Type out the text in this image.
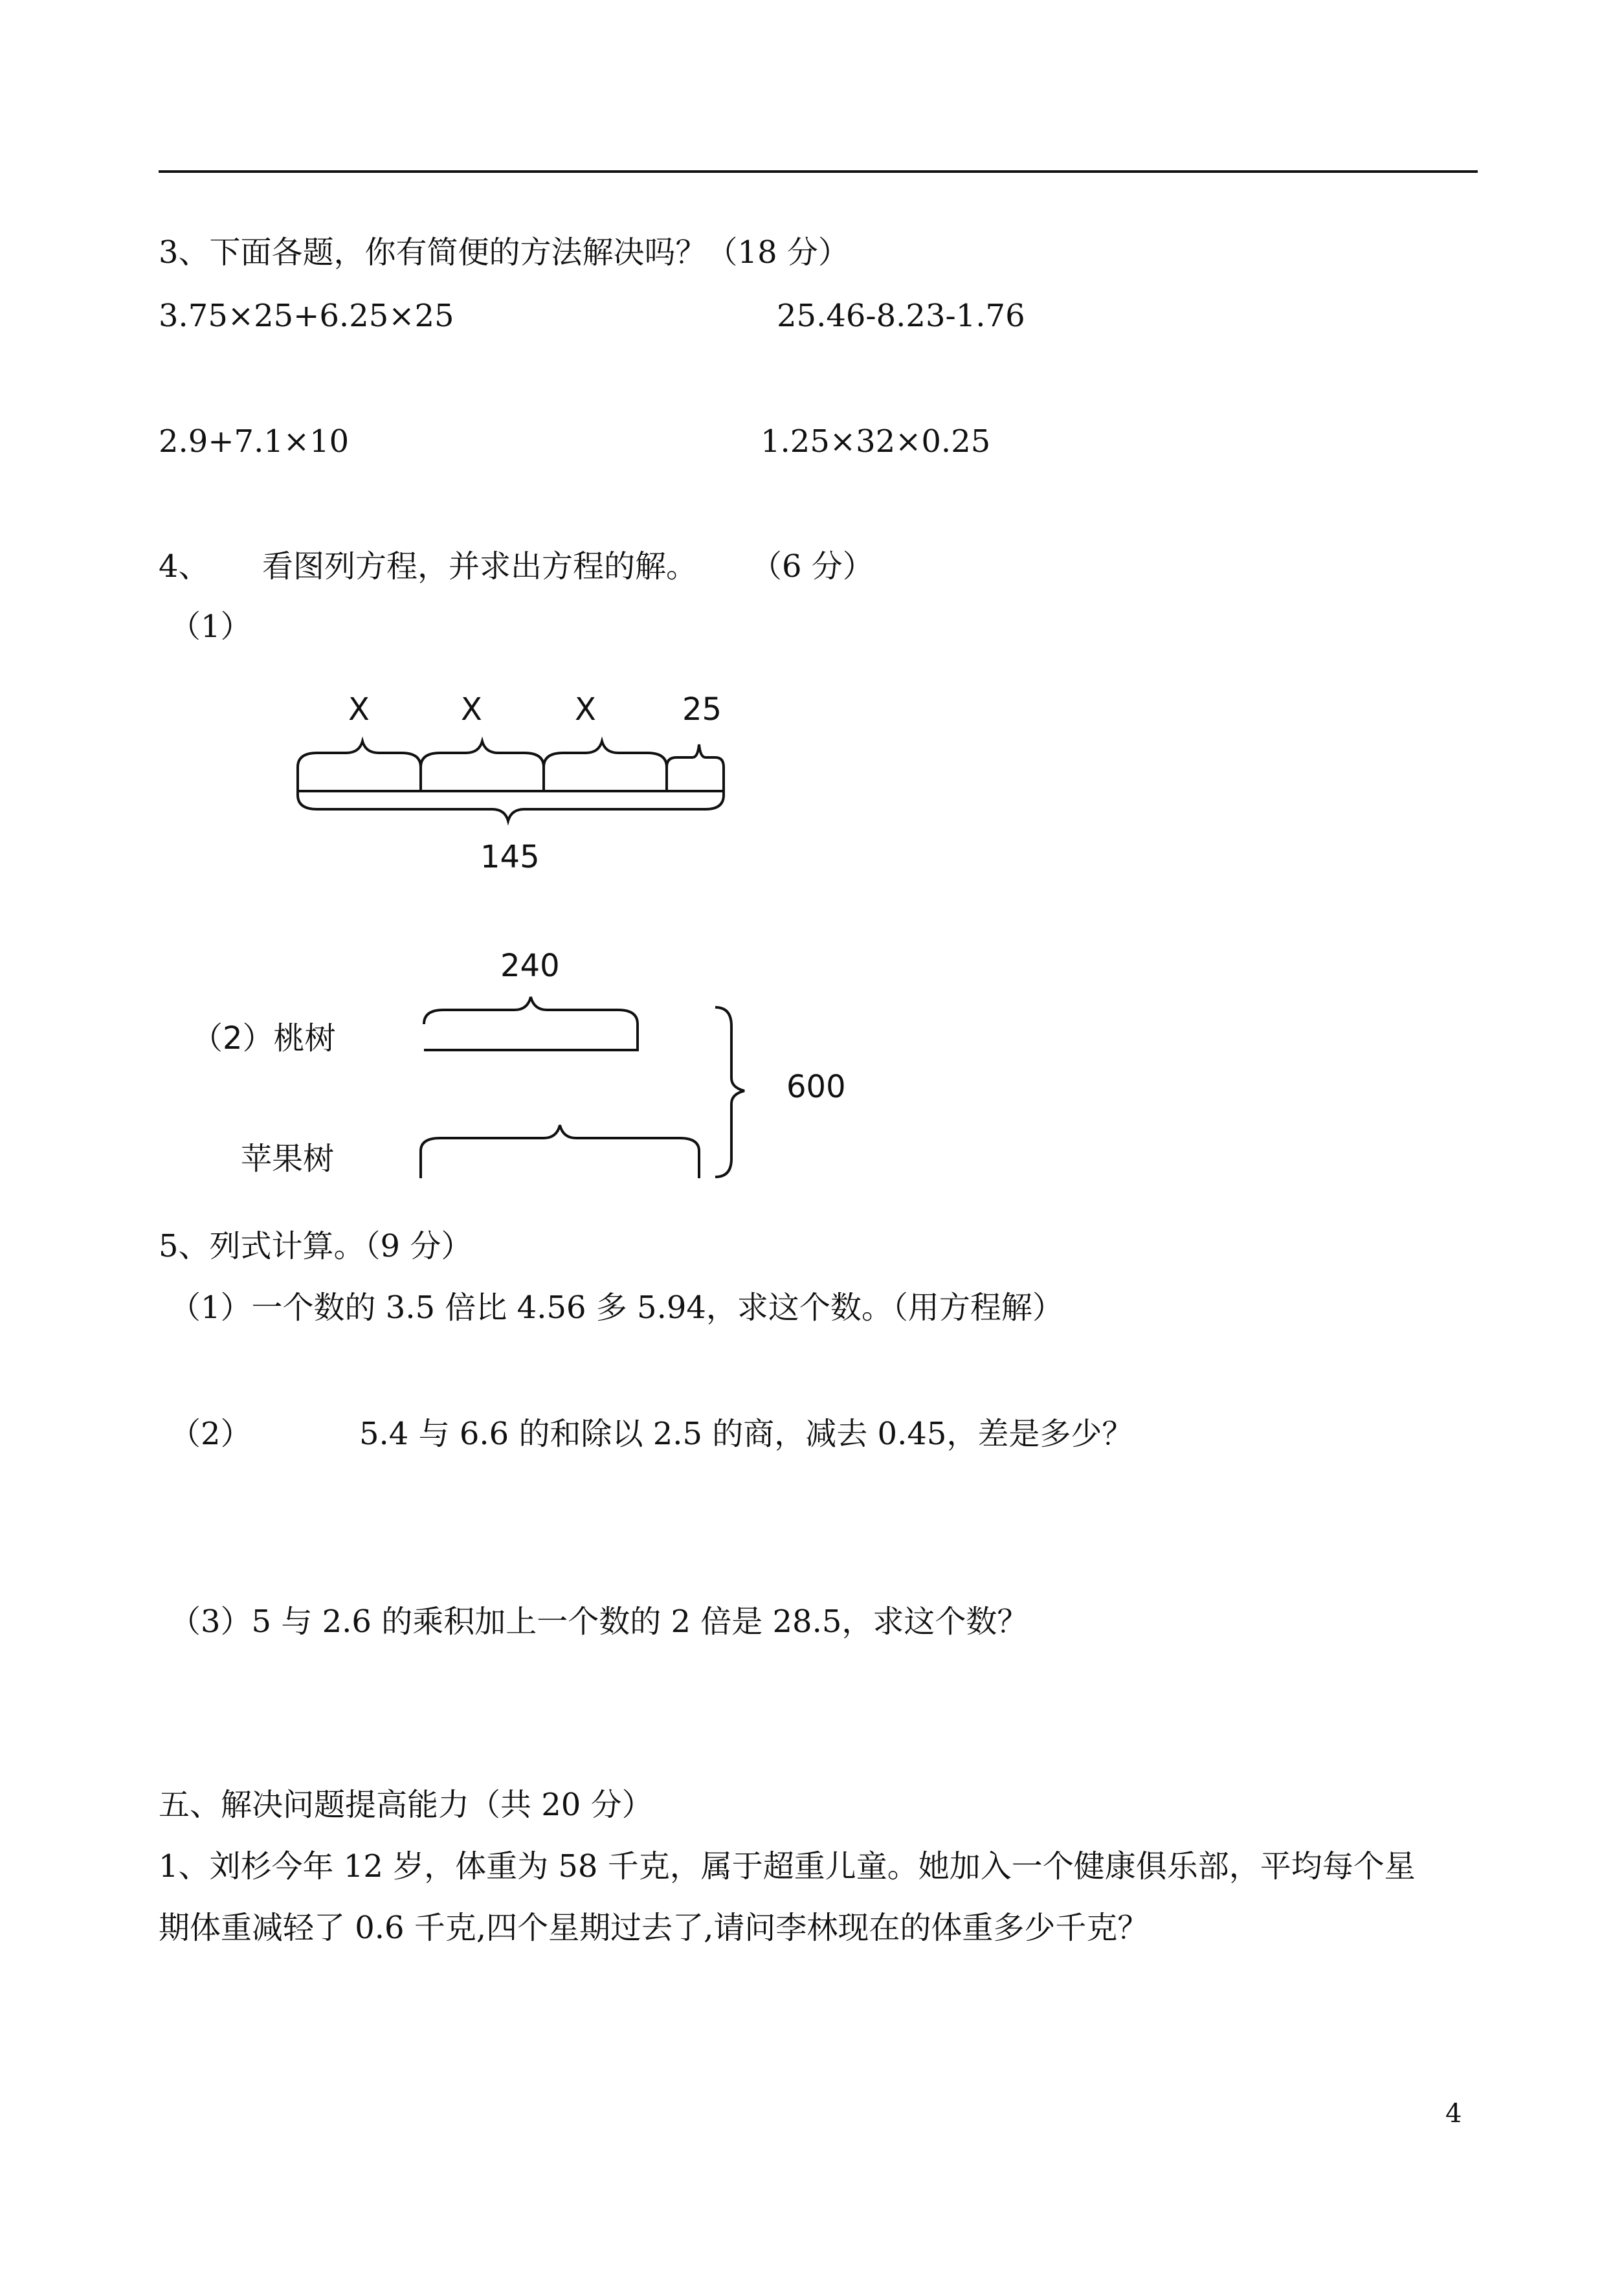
3、下面各题，你有简便的方法解决吗？（18 分）
3.75×25+6.25×25	25.46-8.23-1.76
2.9+7.1×10	1.25×32×0.25
4、 看图列方程，并求出方程的解。 （6 分）
（1）
X	X	X	25
145
240
（2）桃树
苹果树
600
5、列式计算。（9 分）
（1）一个数的 3.5 倍比 4.56 多 5.94，求这个数。（用方程解）
（2）	5.4 与 6.6 的和除以 2.5 的商，减去 0.45，差是多少？
（3）5 与 2.6 的乘积加上一个数的 2 倍是 28.5，求这个数？
五、解决问题提高能力（共 20 分）
1、刘杉今年 12 岁，体重为 58 千克，属于超重儿童。她加入一个健康俱乐部，平均每个星
期体重减轻了 0.6 千克,四个星期过去了,请问李林现在的体重多少千克？
4
